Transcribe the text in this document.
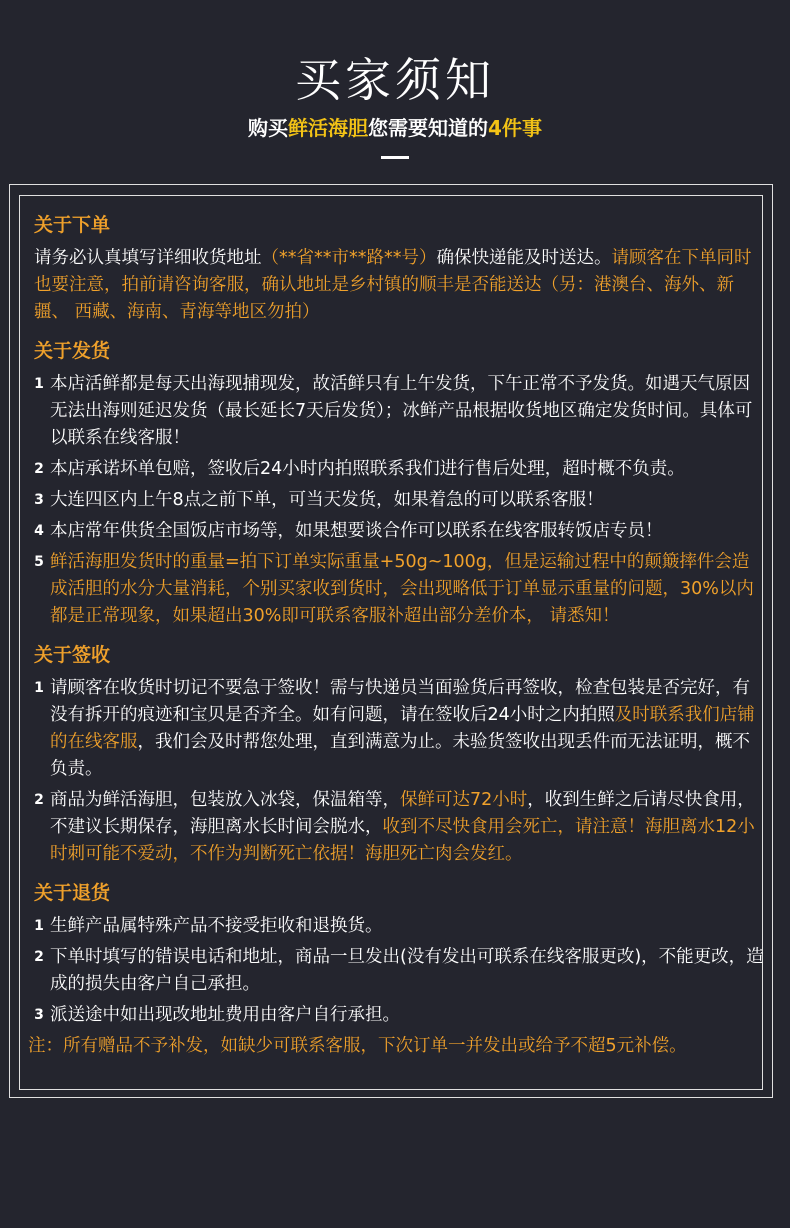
买家须知
购买鲜活海胆您需要知道的4件事
关于下单
请务必认真填写详细收货地址（**省**市**路**号）确保快递能及时送达。请顾客在下单同时也要注意，拍前请咨询客服，确认地址是乡村镇的顺丰是否能送达（另：港澳台、海外、新疆、 西藏、海南、青海等地区勿拍）
关于发货
1 本店活鲜都是每天出海现捕现发，故活鲜只有上午发货，下午正常不予发货。如遇天气原因无法出海则延迟发货（最长延长7天后发货）；冰鲜产品根据收货地区确定发货时间。具体可以联系在线客服！
2 本店承诺坏单包赔，签收后24小时内拍照联系我们进行售后处理，超时概不负责。
3 大连四区内上午8点之前下单，可当天发货，如果着急的可以联系客服！
4 本店常年供货全国饭店市场等，如果想要谈合作可以联系在线客服转饭店专员！
5 鲜活海胆发货时的重量=拍下订单实际重量+50g~100g，但是运输过程中的颠簸摔件会造成活胆的水分大量消耗，个别买家收到货时，会出现略低于订单显示重量的问题，30%以内都是正常现象，如果超出30%即可联系客服补超出部分差价本， 请悉知！
关于签收
1 请顾客在收货时切记不要急于签收！需与快递员当面验货后再签收，检查包装是否完好，有没有拆开的痕迹和宝贝是否齐全。如有问题，请在签收后24小时之内拍照及时联系我们店铺的在线客服，我们会及时帮您处理，直到满意为止。未验货签收出现丢件而无法证明，概不负责。
2 商品为鲜活海胆，包装放入冰袋，保温箱等，保鲜可达72小时，收到生鲜之后请尽快食用，不建议长期保存，海胆离水长时间会脱水，收到不尽快食用会死亡，请注意！海胆离水12小时刺可能不爱动，不作为判断死亡依据！海胆死亡肉会发红。
关于退货
1 生鲜产品属特殊产品不接受拒收和退换货。
2 下单时填写的错误电话和地址，商品一旦发出(没有发出可联系在线客服更改)，不能更改，造成的损失由客户自己承担。
3 派送途中如出现改地址费用由客户自行承担。
注：所有赠品不予补发，如缺少可联系客服，下次订单一并发出或给予不超5元补偿。
